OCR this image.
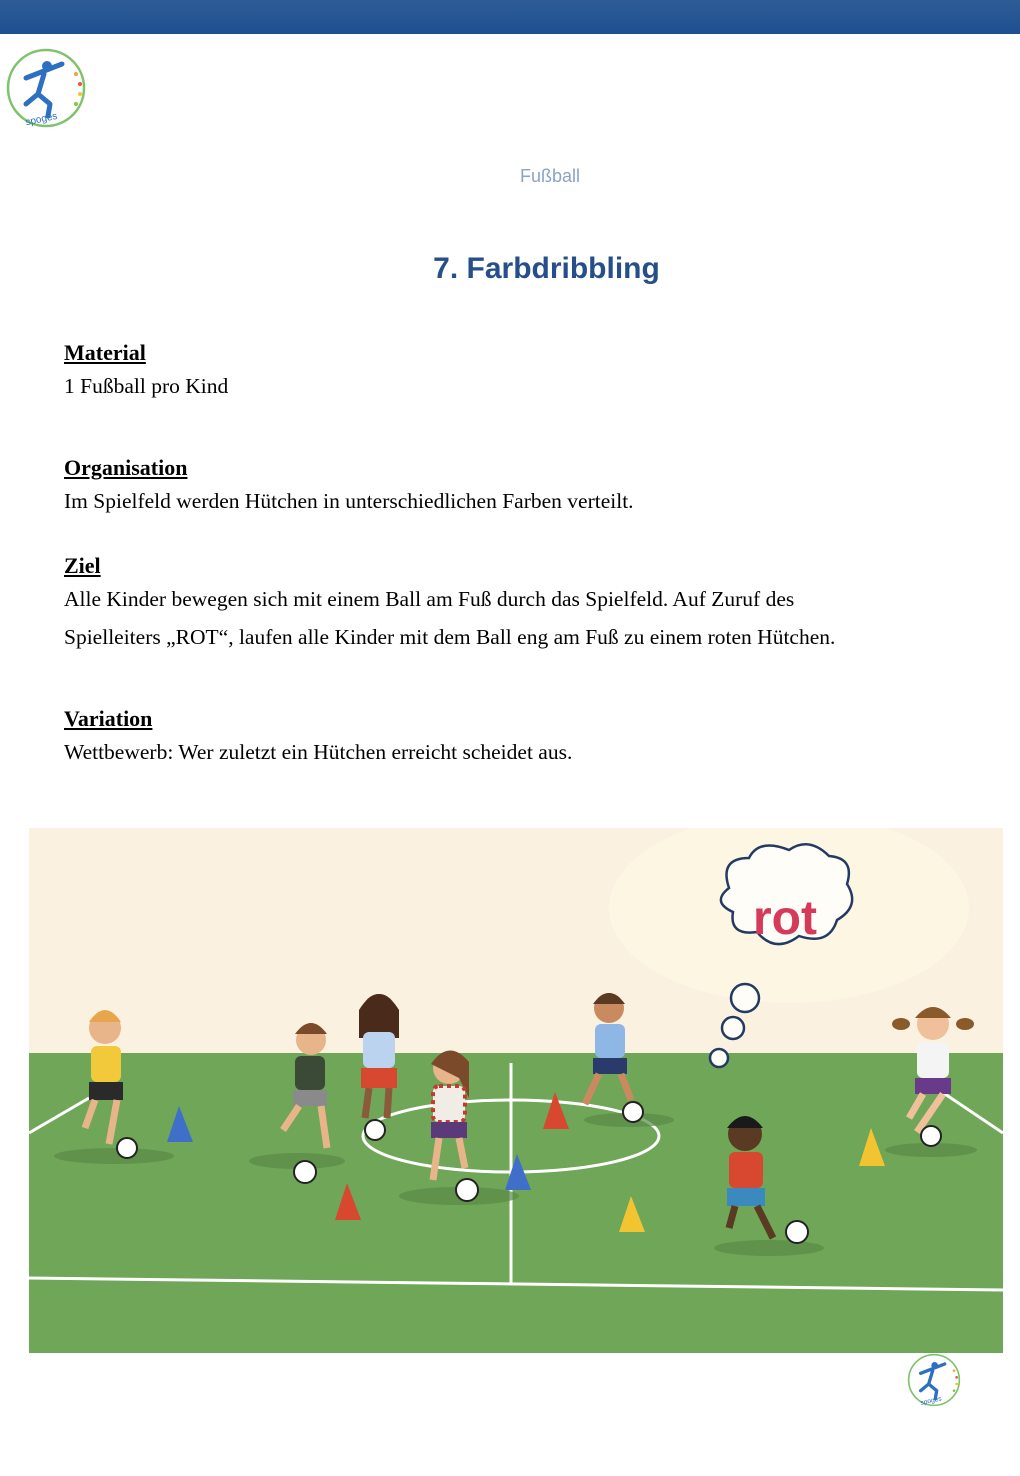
spoges
Fußball
7. Farbdribbling
Material
1 Fußball pro Kind
Organisation
Im Spielfeld werden Hütchen in unterschiedlichen Farben verteilt.
Ziel
Alle Kinder bewegen sich mit einem Ball am Fuß durch das Spielfeld. Auf Zuruf des
Spielleiters „ROT“, laufen alle Kinder mit dem Ball eng am Fuß zu einem roten Hütchen.
Variation
Wettbewerb: Wer zuletzt ein Hütchen erreicht scheidet aus.
rot
spoges
